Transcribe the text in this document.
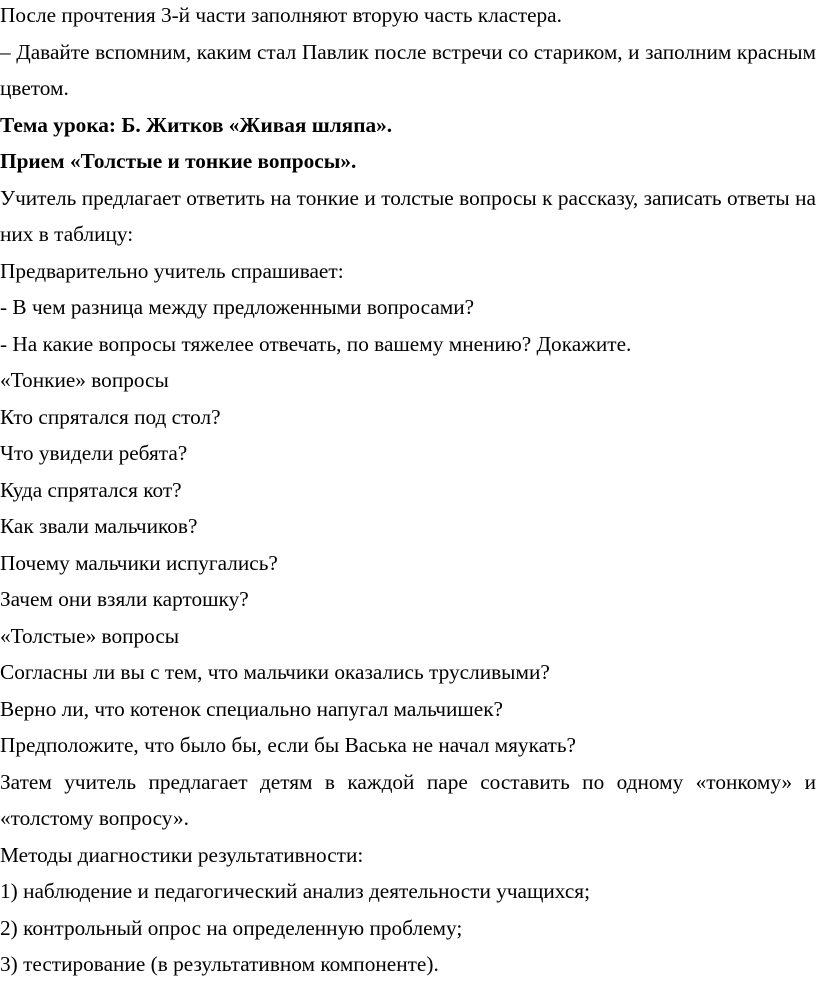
После прочтения 3-й части заполняют вторую часть кластера.

– Давайте вспомним, каким стал Павлик после встречи со стариком, и заполним красным цветом.

Тема урока: Б. Житков «Живая шляпа».

Прием «Толстые и тонкие вопросы».

Учитель предлагает ответить на тонкие и толстые вопросы к рассказу, записать ответы на них в таблицу:

Предварительно учитель спрашивает:

- В чем разница между предложенными вопросами?

- На какие вопросы тяжелее отвечать, по вашему мнению? Докажите.

«Тонкие» вопросы

Кто спрятался под стол?

Что увидели ребята?

Куда спрятался кот?

Как звали мальчиков?

Почему мальчики испугались?

Зачем они взяли картошку?

«Толстые» вопросы

Согласны ли вы с тем, что мальчики оказались трусливыми?

Верно ли, что котенок специально напугал мальчишек?

Предположите, что было бы, если бы Васька не начал мяукать?

Затем учитель предлагает детям в каждой паре составить по одному «тонкому» и «толстому вопросу».

Методы диагностики результативности:

1) наблюдение и педагогический анализ деятельности учащихся;

2) контрольный опрос на определенную проблему;

3) тестирование (в результативном компоненте).
